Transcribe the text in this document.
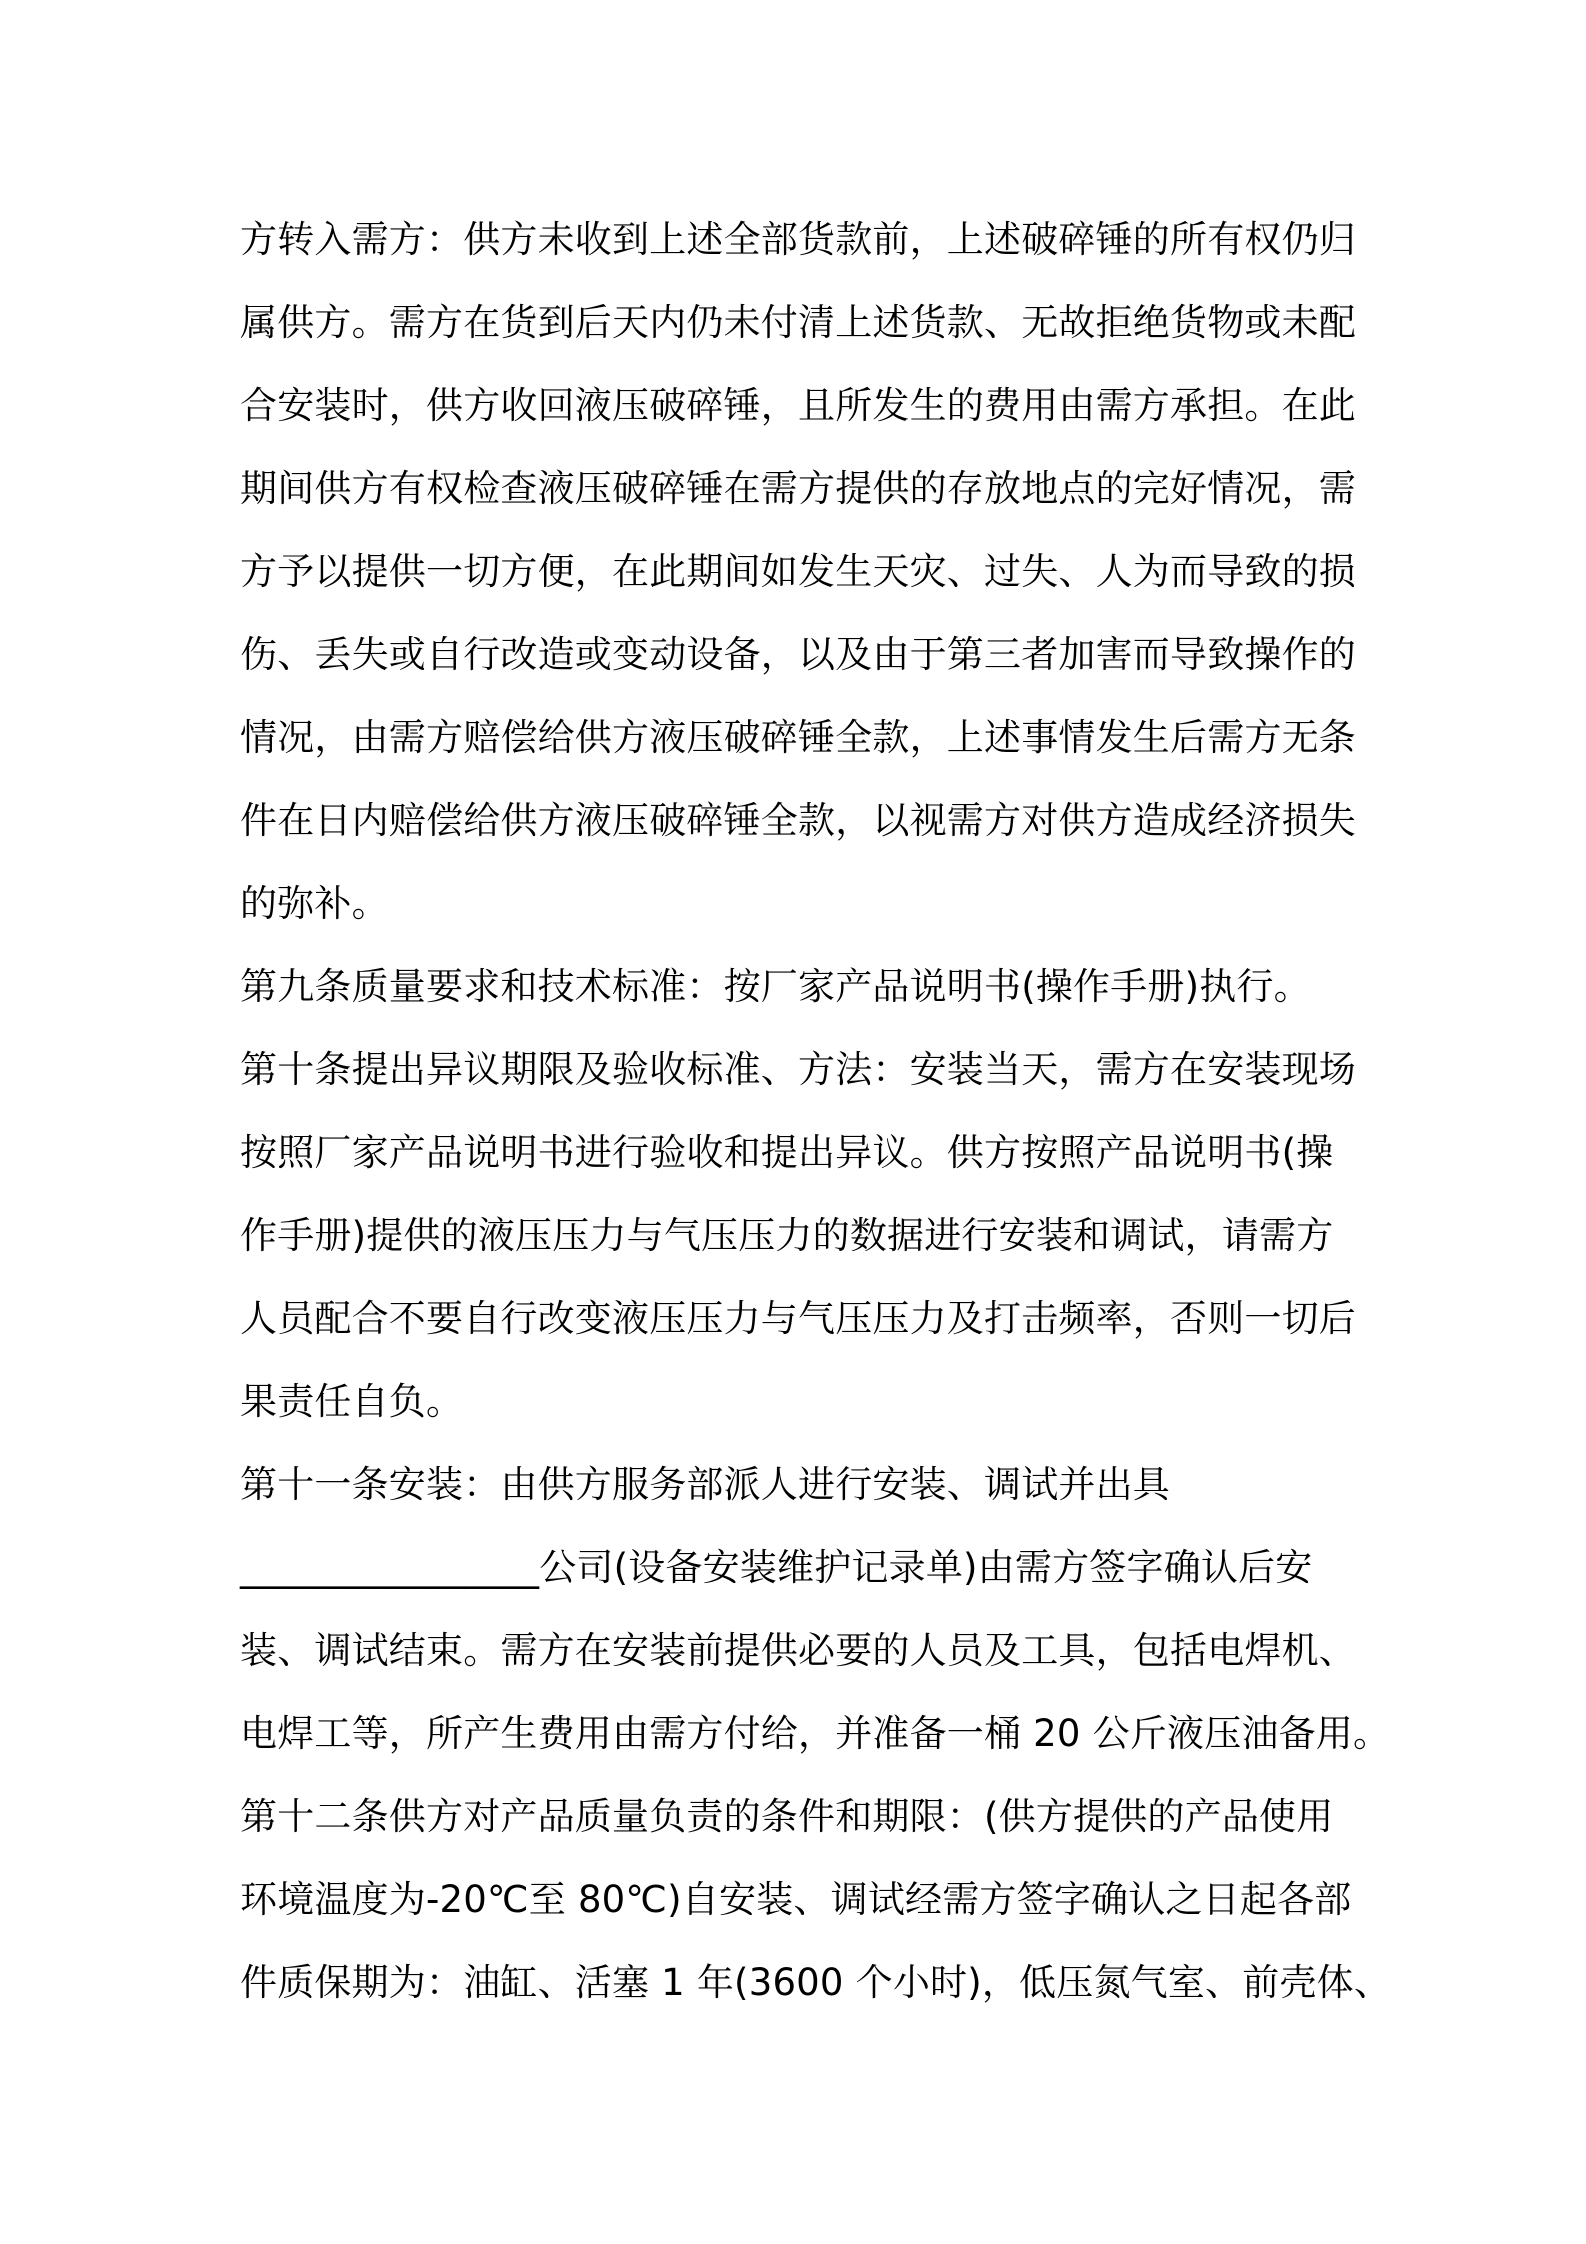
方转入需方：供方未收到上述全部货款前，上述破碎锤的所有权仍归
属供方。需方在货到后天内仍未付清上述货款、无故拒绝货物或未配
合安装时，供方收回液压破碎锤，且所发生的费用由需方承担。在此
期间供方有权检查液压破碎锤在需方提供的存放地点的完好情况，需
方予以提供一切方便，在此期间如发生天灾、过失、人为而导致的损
伤、丢失或自行改造或变动设备，以及由于第三者加害而导致操作的
情况，由需方赔偿给供方液压破碎锤全款，上述事情发生后需方无条
件在日内赔偿给供方液压破碎锤全款，以视需方对供方造成经济损失
的弥补。
第九条质量要求和技术标准：按厂家产品说明书(操作手册)执行。
第十条提出异议期限及验收标准、方法：安装当天，需方在安装现场
按照厂家产品说明书进行验收和提出异议。供方按照产品说明书(操
作手册)提供的液压压力与气压压力的数据进行安装和调试，请需方
人员配合不要自行改变液压压力与气压压力及打击频率，否则一切后
果责任自负。
第十一条安装：由供方服务部派人进行安装、调试并出具
________________公司(设备安装维护记录单)由需方签字确认后安
装、调试结束。需方在安装前提供必要的人员及工具，包括电焊机、
电焊工等，所产生费用由需方付给，并准备一桶 20 公斤液压油备用。
第十二条供方对产品质量负责的条件和期限：(供方提供的产品使用
环境温度为-20℃至 80℃)自安装、调试经需方签字确认之日起各部
件质保期为：油缸、活塞 1 年(3600 个小时)，低压氮气室、前壳体、
